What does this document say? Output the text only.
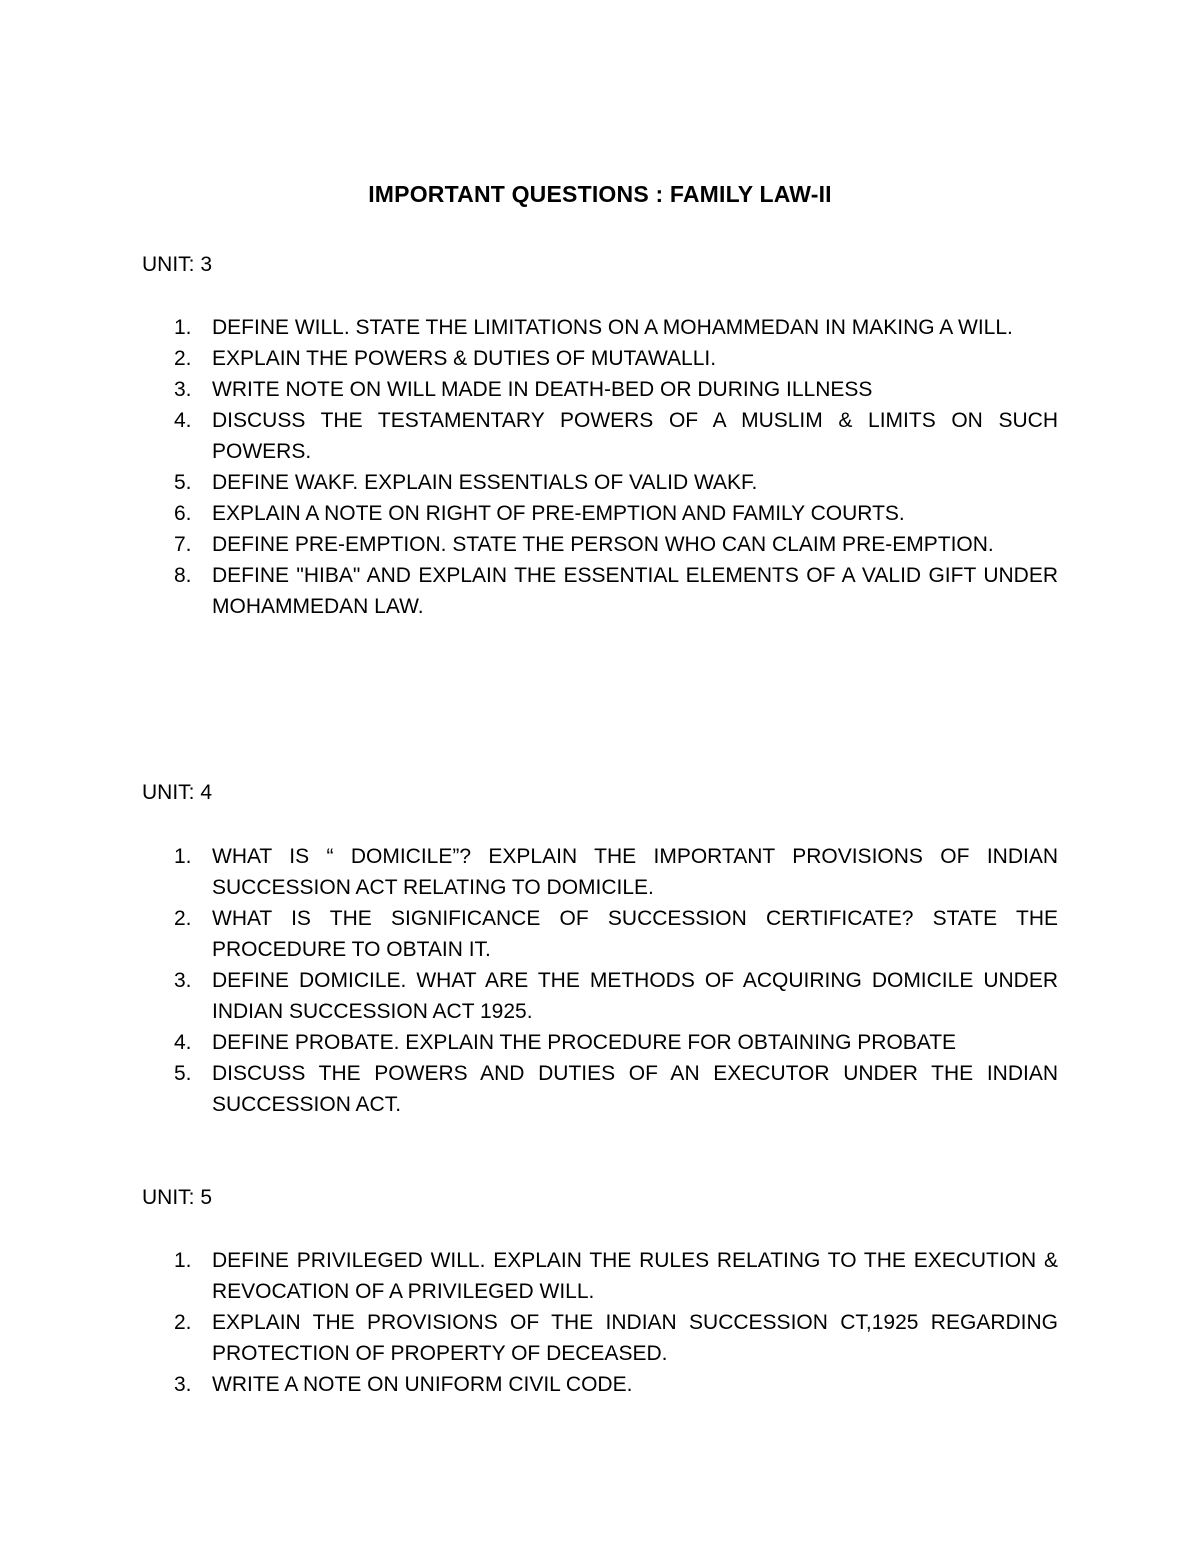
IMPORTANT QUESTIONS : FAMILY LAW-II
UNIT: 3
1. DEFINE WILL. STATE THE LIMITATIONS ON A MOHAMMEDAN IN MAKING A WILL.
2. EXPLAIN THE POWERS & DUTIES OF MUTAWALLI.
3. WRITE NOTE ON WILL MADE IN DEATH-BED OR DURING ILLNESS
4. DISCUSS THE TESTAMENTARY POWERS OF A MUSLIM & LIMITS ON SUCH POWERS.
5. DEFINE WAKF. EXPLAIN ESSENTIALS OF VALID WAKF.
6. EXPLAIN A NOTE ON RIGHT OF PRE-EMPTION AND FAMILY COURTS.
7. DEFINE PRE-EMPTION. STATE THE PERSON WHO CAN CLAIM PRE-EMPTION.
8. DEFINE "HIBA" AND EXPLAIN THE ESSENTIAL ELEMENTS OF A VALID GIFT UNDER MOHAMMEDAN LAW.
UNIT: 4
1. WHAT IS “ DOMICILE”? EXPLAIN THE IMPORTANT PROVISIONS OF INDIAN SUCCESSION ACT RELATING TO DOMICILE.
2. WHAT IS THE SIGNIFICANCE OF SUCCESSION CERTIFICATE? STATE THE PROCEDURE TO OBTAIN IT.
3. DEFINE DOMICILE. WHAT ARE THE METHODS OF ACQUIRING DOMICILE UNDER INDIAN SUCCESSION ACT 1925.
4. DEFINE PROBATE. EXPLAIN THE PROCEDURE FOR OBTAINING PROBATE
5. DISCUSS THE POWERS AND DUTIES OF AN EXECUTOR UNDER THE INDIAN SUCCESSION ACT.
UNIT: 5
1. DEFINE PRIVILEGED WILL. EXPLAIN THE RULES RELATING TO THE EXECUTION & REVOCATION OF A PRIVILEGED WILL.
2. EXPLAIN THE PROVISIONS OF THE INDIAN SUCCESSION CT,1925 REGARDING PROTECTION OF PROPERTY OF DECEASED.
3. WRITE A NOTE ON UNIFORM CIVIL CODE.
